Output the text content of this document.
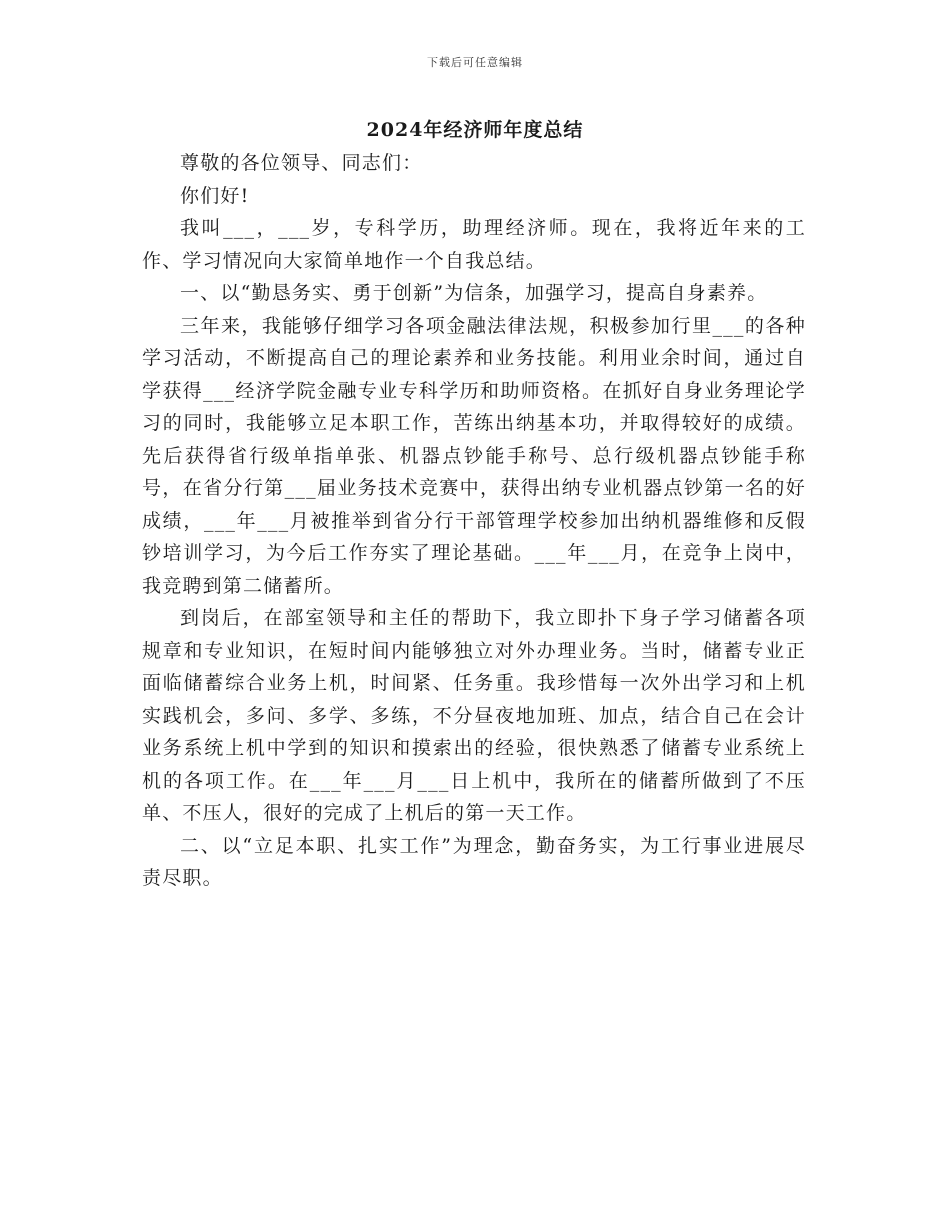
下载后可任意编辑
2024年经济师年度总结

尊敬的各位领导、同志们：

你们好!

我叫___，___岁，专科学历，助理经济师。现在，我将近年来的工作、学习情况向大家简单地作一个自我总结。

一、以“勤恳务实、勇于创新”为信条，加强学习，提高自身素养。

三年来，我能够仔细学习各项金融法律法规，积极参加行里___的各种学习活动，不断提高自己的理论素养和业务技能。利用业余时间，通过自学获得___经济学院金融专业专科学历和助师资格。在抓好自身业务理论学习的同时，我能够立足本职工作，苦练出纳基本功，并取得较好的成绩。先后获得省行级单指单张、机器点钞能手称号、总行级机器点钞能手称号，在省分行第___届业务技术竞赛中，获得出纳专业机器点钞第一名的好成绩，___年___月被推举到省分行干部管理学校参加出纳机器维修和反假钞培训学习，为今后工作夯实了理论基础。___年___月，在竞争上岗中，我竞聘到第二储蓄所。

到岗后，在部室领导和主任的帮助下，我立即扑下身子学习储蓄各项规章和专业知识，在短时间内能够独立对外办理业务。当时，储蓄专业正面临储蓄综合业务上机，时间紧、任务重。我珍惜每一次外出学习和上机实践机会，多问、多学、多练，不分昼夜地加班、加点，结合自己在会计业务系统上机中学到的知识和摸索出的经验，很快熟悉了储蓄专业系统上机的各项工作。在___年___月___日上机中，我所在的储蓄所做到了不压单、不压人，很好的完成了上机后的第一天工作。

二、以“立足本职、扎实工作”为理念，勤奋务实，为工行事业进展尽责尽职。
